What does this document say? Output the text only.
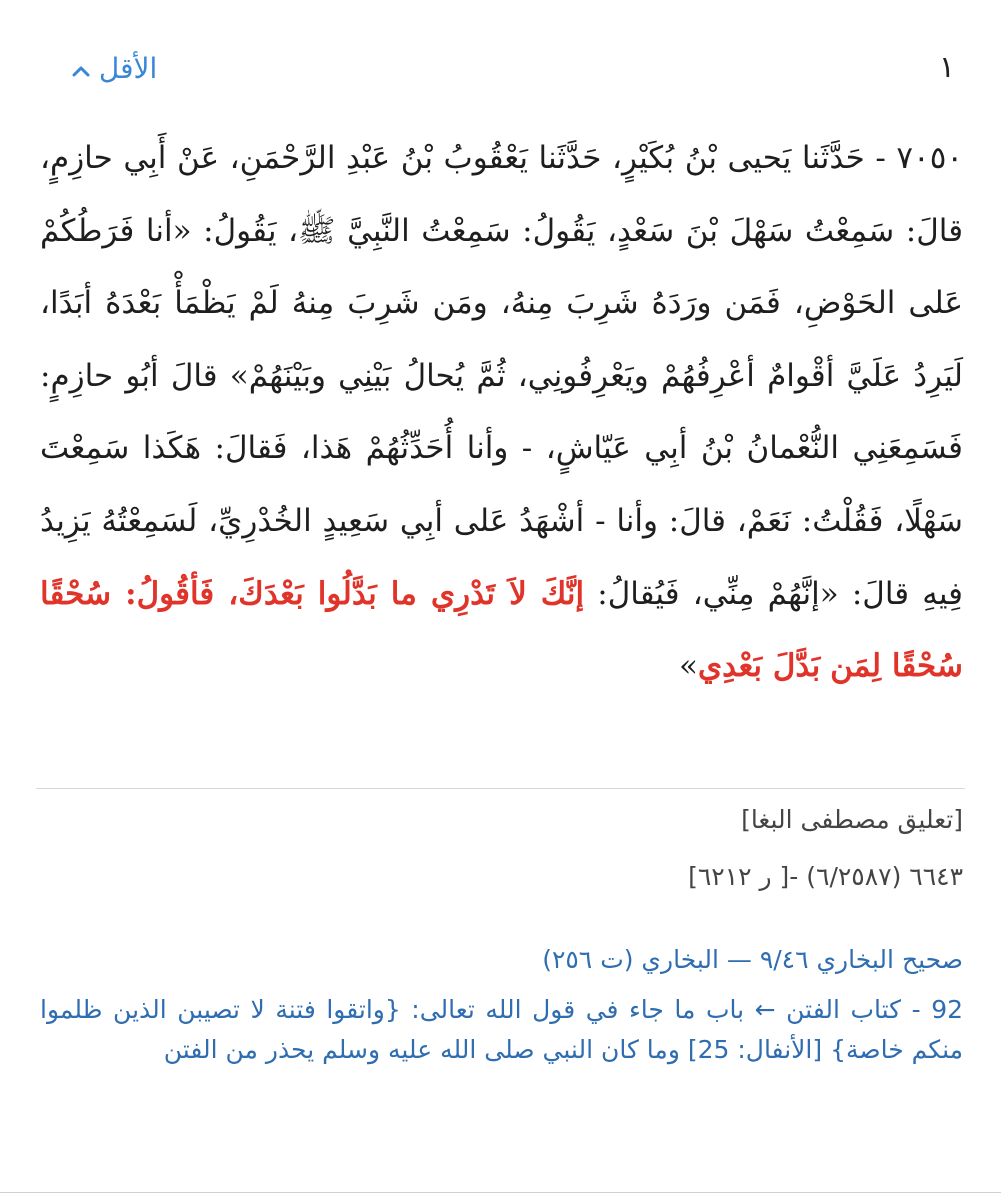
الأقل	١
٧٠٥٠ - حَدَّثَنا يَحيى بْنُ بُكَيْرٍ، حَدَّثَنا يَعْقُوبُ بْنُ عَبْدِ الرَّحْمَنِ، عَنْ أَبِي حازِمٍ، قالَ: سَمِعْتُ سَهْلَ بْنَ سَعْدٍ، يَقُولُ: سَمِعْتُ النَّبِيَّ ﷺ، يَقُولُ: «أنا فَرَطُكُمْ عَلى الحَوْضِ، فَمَن ورَدَهُ شَرِبَ مِنهُ، ومَن شَرِبَ مِنهُ لَمْ يَظْمَأْ بَعْدَهُ أبَدًا، لَيَرِدُ عَلَيَّ أقْوامٌ أعْرِفُهُمْ ويَعْرِفُونِي، ثُمَّ يُحالُ بَيْنِي وبَيْنَهُمْ» قالَ أبُو حازِمٍ: فَسَمِعَنِي النُّعْمانُ بْنُ أبِي عَيّاشٍ، - وأنا أُحَدِّثُهُمْ هَذا، فَقالَ: هَكَذا سَمِعْتَ سَهْلًا، فَقُلْتُ: نَعَمْ، قالَ: وأنا - أشْهَدُ عَلى أبِي سَعِيدٍ الخُدْرِيِّ، لَسَمِعْتُهُ يَزِيدُ فِيهِ قالَ: «إنَّهُمْ مِنِّي، فَيُقالُ: إنَّكَ لاَ تَدْرِي ما بَدَّلُوا بَعْدَكَ، فَأقُولُ: سُحْقًا سُحْقًا لِمَن بَدَّلَ بَعْدِي»
[تعليق مصطفى البغا]
٦٦٤٣ (٦/٢٥٨٧) -[ ر ٦٢١٢]
صحيح البخاري ٩/٤٦ — البخاري (ت ٢٥٦)
92 - كتاب الفتن ← باب ما جاء في قول الله تعالى: {واتقوا فتنة لا تصيبن الذين ظلموا منكم خاصة} [الأنفال: 25] وما كان النبي صلى الله عليه وسلم يحذر من الفتن
